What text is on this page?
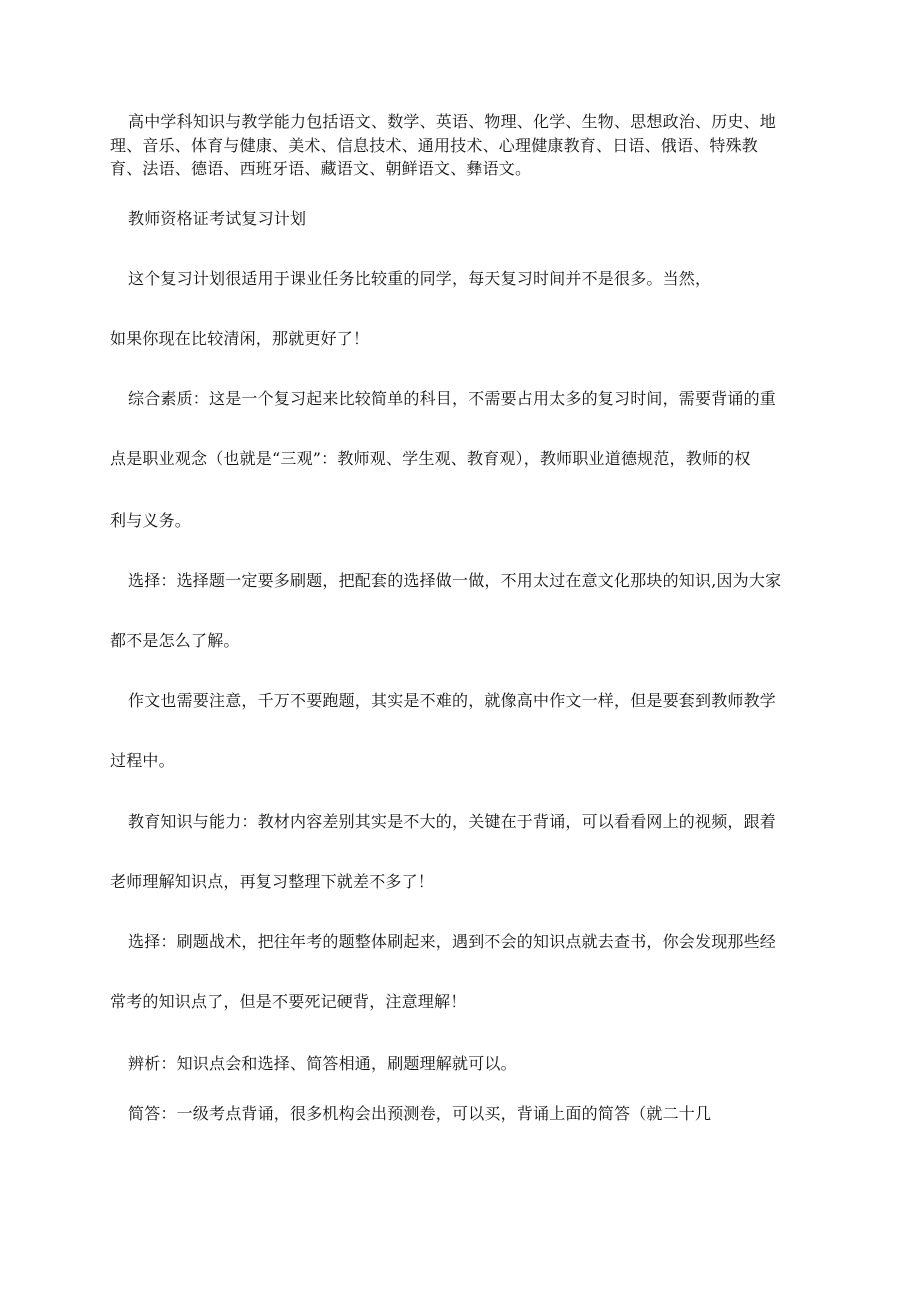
高中学科知识与教学能力包括语文、数学、英语、物理、化学、生物、思想政治、历史、地
理、音乐、体育与健康、美术、信息技术、通用技术、心理健康教育、日语、俄语、特殊教
育、法语、德语、西班牙语、藏语文、朝鲜语文、彝语文。
教师资格证考试复习计划
这个复习计划很适用于课业任务比较重的同学，每天复习时间并不是很多。当然，
如果你现在比较清闲，那就更好了！
综合素质：这是一个复习起来比较简单的科目，不需要占用太多的复习时间，需要背诵的重
点是职业观念（也就是“三观”：教师观、学生观、教育观），教师职业道德规范，教师的权
利与义务。
选择：选择题一定要多刷题，把配套的选择做一做，不用太过在意文化那块的知识,因为大家
都不是怎么了解。
作文也需要注意，千万不要跑题，其实是不难的，就像高中作文一样，但是要套到教师教学
过程中。
教育知识与能力：教材内容差别其实是不大的，关键在于背诵，可以看看网上的视频，跟着
老师理解知识点，再复习整理下就差不多了！
选择：刷题战术，把往年考的题整体刷起来，遇到不会的知识点就去查书，你会发现那些经
常考的知识点了，但是不要死记硬背，注意理解！
辨析：知识点会和选择、简答相通，刷题理解就可以。
简答：一级考点背诵，很多机构会出预测卷，可以买，背诵上面的简答（就二十几
